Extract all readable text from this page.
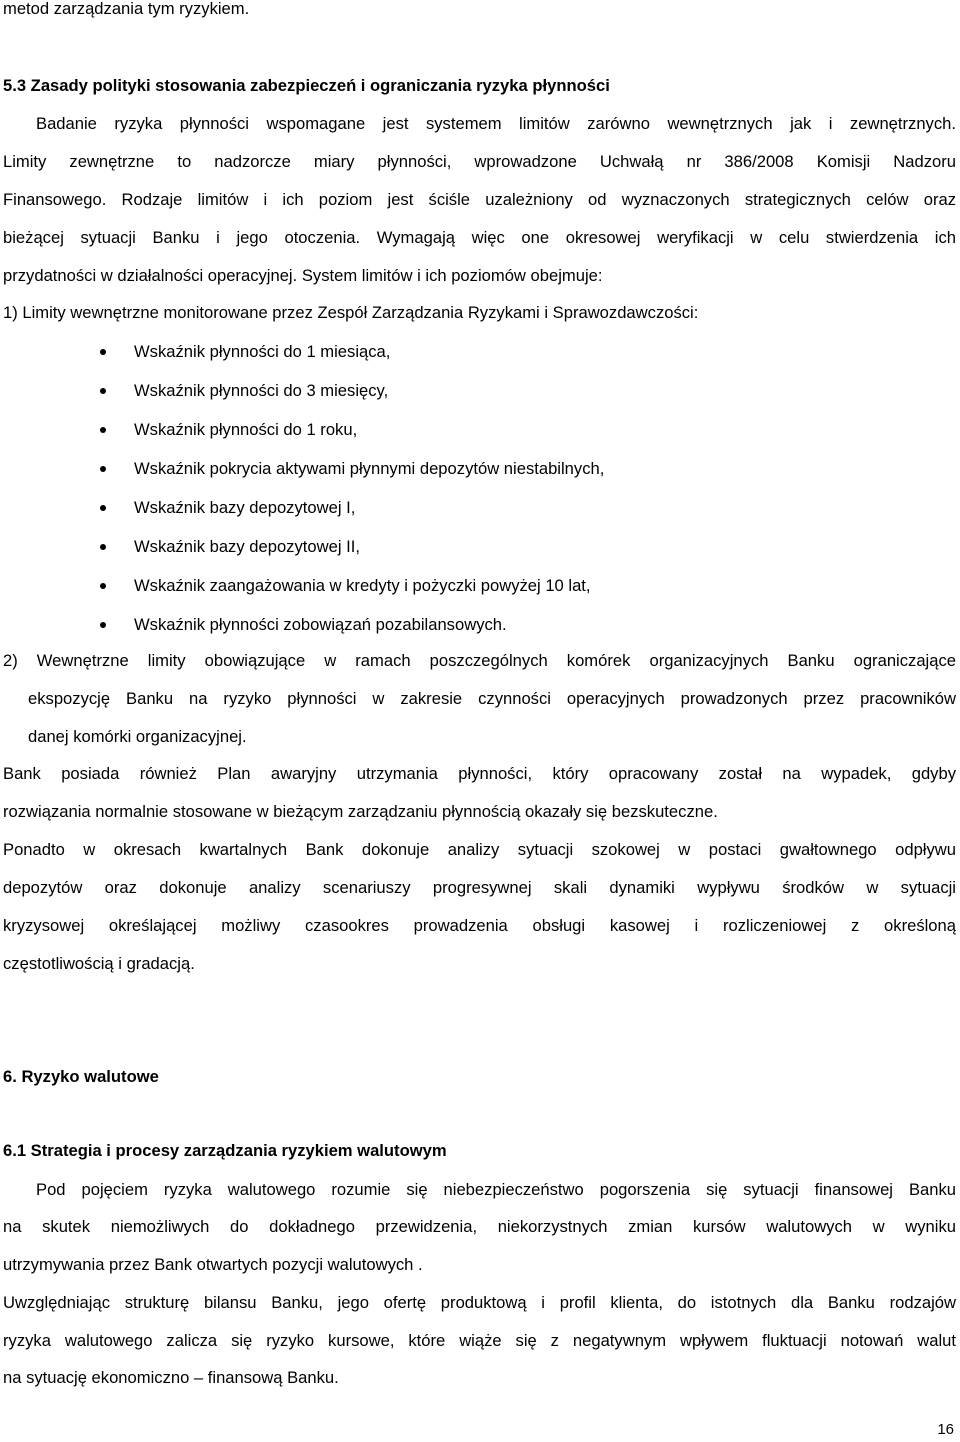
metod zarządzania tym ryzykiem.
5.3 Zasady polityki stosowania zabezpieczeń i ograniczania ryzyka płynności
Badanie ryzyka płynności wspomagane jest systemem limitów zarówno wewnętrznych jak i zewnętrznych.
Limity zewnętrzne to nadzorcze miary płynności, wprowadzone Uchwałą nr 386/2008 Komisji Nadzoru
Finansowego. Rodzaje limitów i ich poziom jest ściśle uzależniony od wyznaczonych strategicznych celów oraz
bieżącej sytuacji Banku i jego otoczenia. Wymagają więc one okresowej weryfikacji w celu stwierdzenia ich
przydatności w działalności operacyjnej. System limitów i ich poziomów obejmuje:
1) Limity wewnętrzne monitorowane przez Zespół Zarządzania Ryzykami i Sprawozdawczości:
Wskaźnik płynności do 1 miesiąca,
Wskaźnik płynności do 3 miesięcy,
Wskaźnik płynności do 1 roku,
Wskaźnik pokrycia aktywami płynnymi depozytów niestabilnych,
Wskaźnik bazy depozytowej I,
Wskaźnik bazy depozytowej II,
Wskaźnik zaangażowania w kredyty i pożyczki powyżej 10 lat,
Wskaźnik płynności zobowiązań pozabilansowych.
2) Wewnętrzne limity obowiązujące w ramach poszczególnych komórek organizacyjnych Banku ograniczające
ekspozycję Banku na ryzyko płynności w zakresie czynności operacyjnych prowadzonych przez pracowników
danej komórki organizacyjnej.
Bank posiada również Plan awaryjny utrzymania płynności, który opracowany został na wypadek, gdyby
rozwiązania normalnie stosowane w bieżącym zarządzaniu płynnością okazały się bezskuteczne.
Ponadto w okresach kwartalnych Bank dokonuje analizy sytuacji szokowej w postaci gwałtownego odpływu
depozytów oraz dokonuje analizy scenariuszy progresywnej skali dynamiki wypływu środków w sytuacji
kryzysowej określającej możliwy czasookres prowadzenia obsługi kasowej i rozliczeniowej z określoną
częstotliwością i gradacją.
6. Ryzyko walutowe
6.1 Strategia i procesy zarządzania ryzykiem walutowym
Pod pojęciem ryzyka walutowego rozumie się niebezpieczeństwo pogorszenia się sytuacji finansowej Banku
na skutek niemożliwych do dokładnego przewidzenia, niekorzystnych zmian kursów walutowych w wyniku
utrzymywania przez Bank otwartych pozycji walutowych .
Uwzględniając strukturę bilansu Banku, jego ofertę produktową i profil klienta, do istotnych dla Banku rodzajów
ryzyka walutowego zalicza się ryzyko kursowe, które wiąże się z negatywnym wpływem fluktuacji notowań walut
na sytuację ekonomiczno – finansową Banku.
16
